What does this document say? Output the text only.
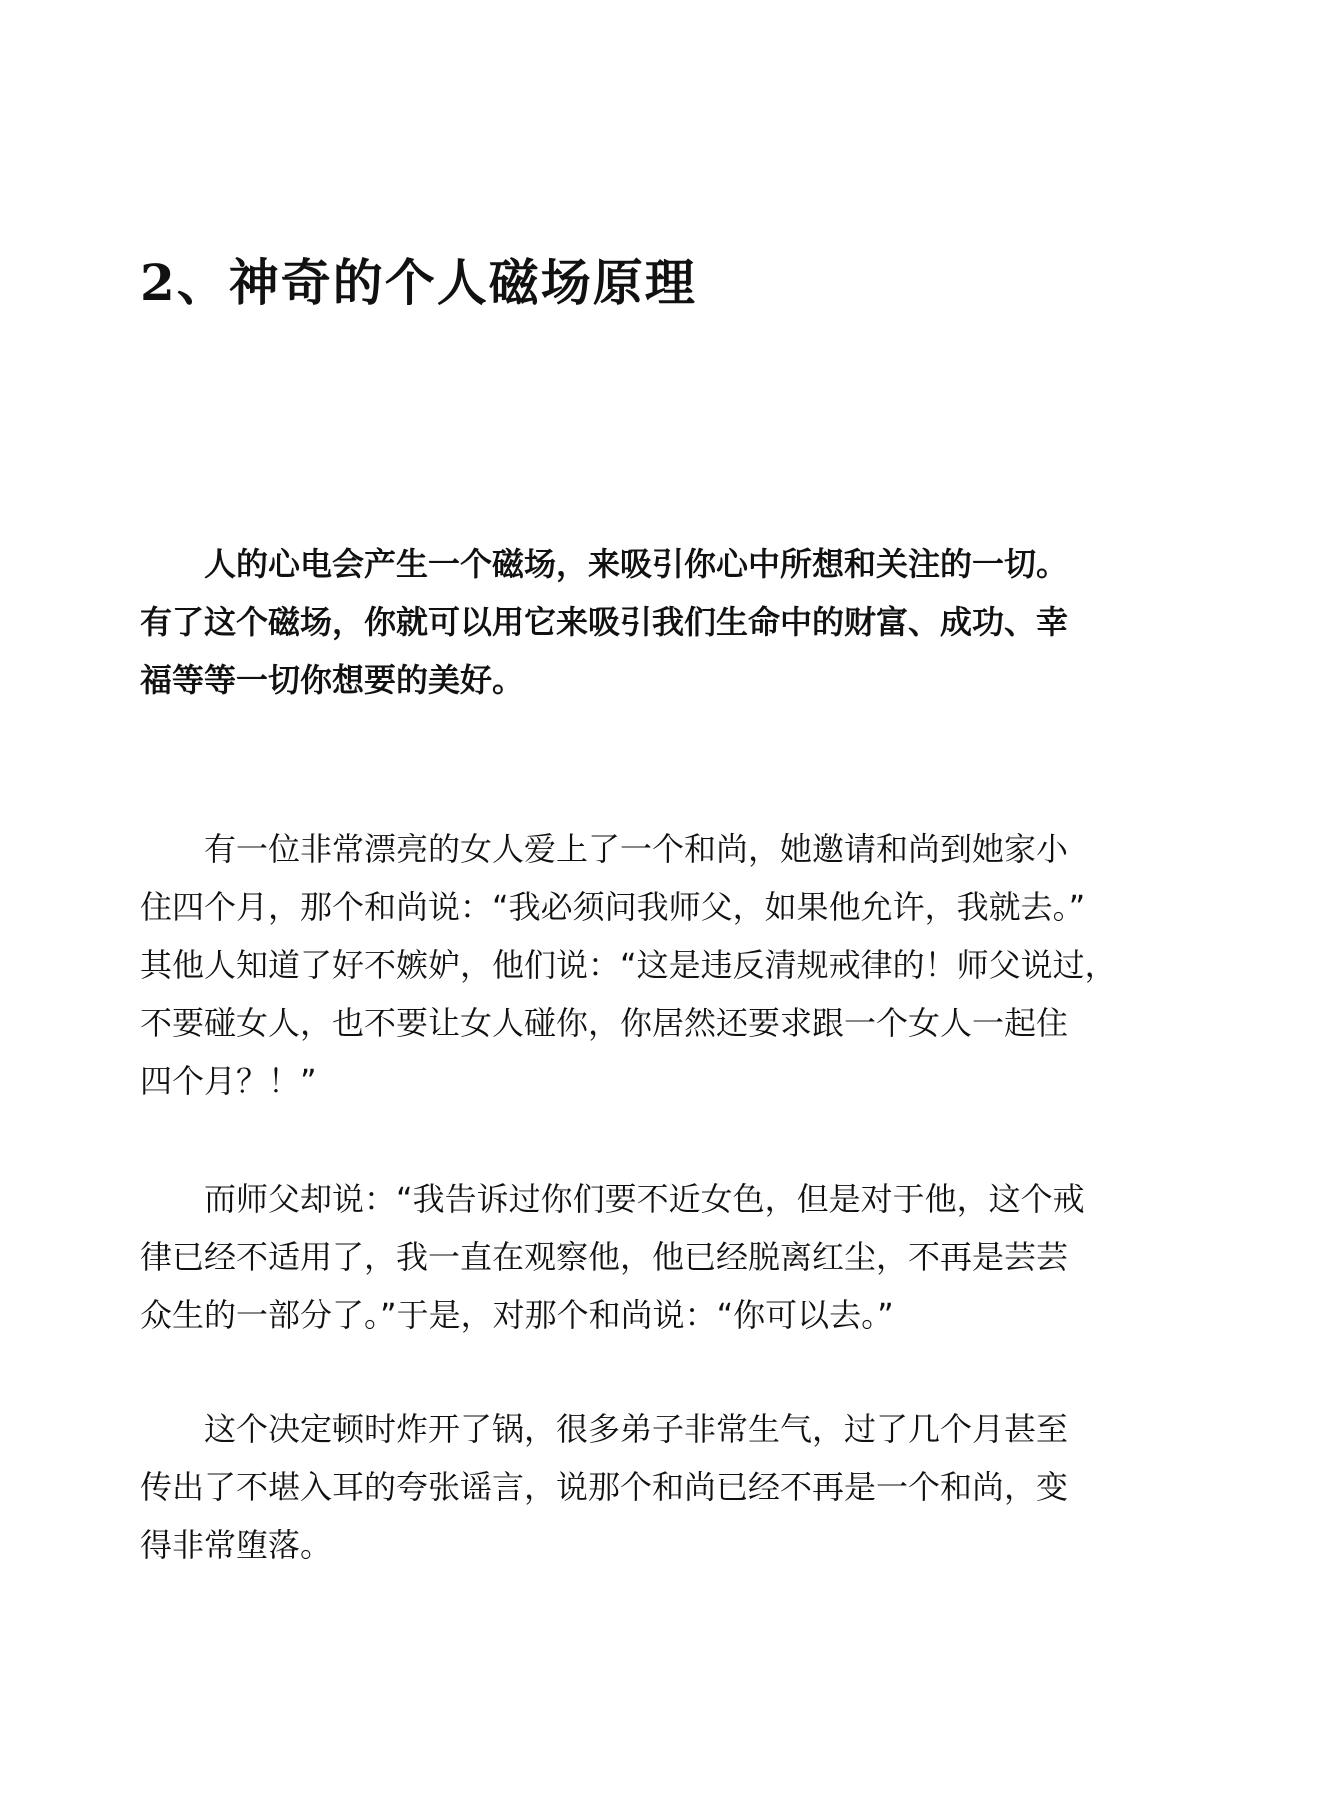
2、神奇的个人磁场原理

　　人的心电会产生一个磁场，来吸引你心中所想和关注的一切。
有了这个磁场，你就可以用它来吸引我们生命中的财富、成功、幸
福等等一切你想要的美好。

　　有一位非常漂亮的女人爱上了一个和尚，她邀请和尚到她家小
住四个月，那个和尚说：“我必须问我师父，如果他允许，我就去。”
其他人知道了好不嫉妒，他们说：“这是违反清规戒律的！师父说过，
不要碰女人，也不要让女人碰你，你居然还要求跟一个女人一起住
四个月？！”

　　而师父却说：“我告诉过你们要不近女色，但是对于他，这个戒
律已经不适用了，我一直在观察他，他已经脱离红尘，不再是芸芸
众生的一部分了。”于是，对那个和尚说：“你可以去。”

　　这个决定顿时炸开了锅，很多弟子非常生气，过了几个月甚至
传出了不堪入耳的夸张谣言，说那个和尚已经不再是一个和尚，变
得非常堕落。
